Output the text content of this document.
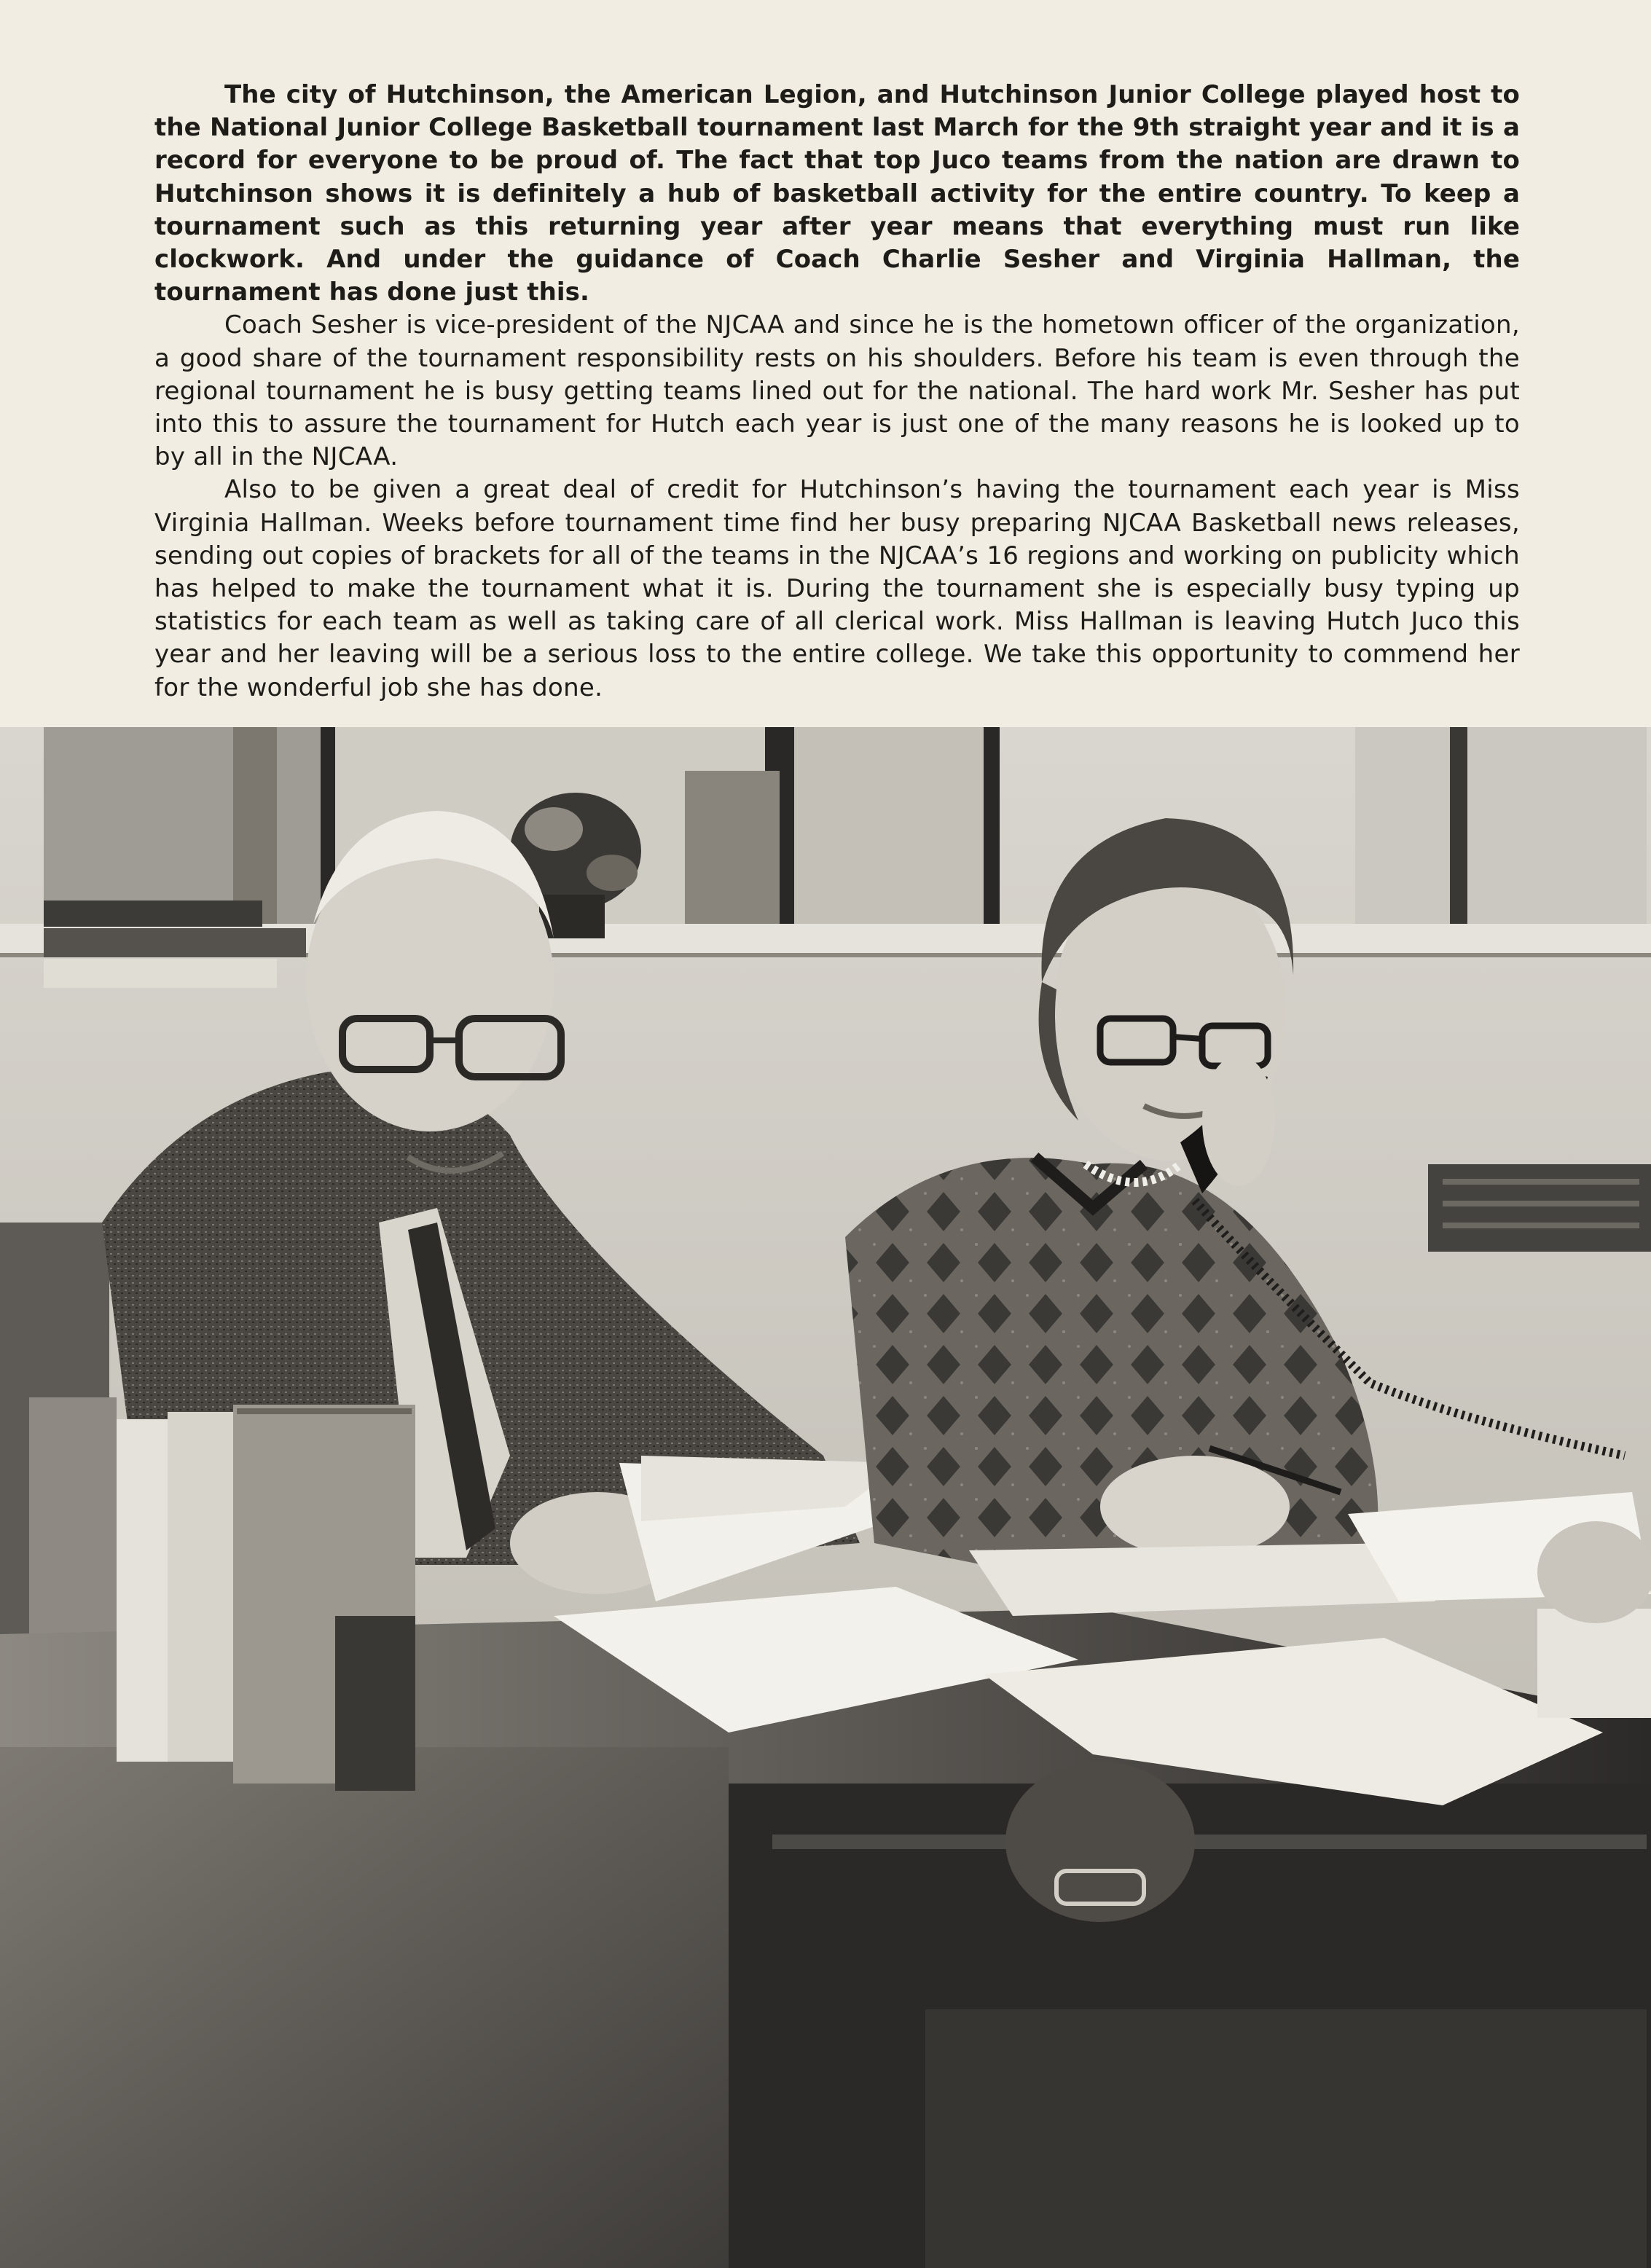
The city of Hutchinson, the American Legion, and Hutchinson Junior College played host to the National Junior College Basketball tournament last March for the 9th straight year and it is a record for everyone to be proud of. The fact that top Juco teams from the nation are drawn to Hutchinson shows it is definitely a hub of basketball activity for the entire country. To keep a tournament such as this returning year after year means that everything must run like clockwork. And under the guidance of Coach Charlie Sesher and Virginia Hallman, the tournament has done just this.

Coach Sesher is vice-president of the NJCAA and since he is the hometown officer of the organization, a good share of the tournament responsibility rests on his shoulders. Before his team is even through the regional tournament he is busy getting teams lined out for the national. The hard work Mr. Sesher has put into this to assure the tournament for Hutch each year is just one of the many reasons he is looked up to by all in the NJCAA.

Also to be given a great deal of credit for Hutchinson’s having the tournament each year is Miss Virginia Hallman. Weeks before tournament time find her busy preparing NJCAA Basketball news releases, sending out copies of brackets for all of the teams in the NJCAA’s 16 regions and working on publicity which has helped to make the tournament what it is. During the tournament she is especially busy typing up statistics for each team as well as taking care of all clerical work. Miss Hallman is leaving Hutch Juco this year and her leaving will be a serious loss to the entire college. We take this opportunity to commend her for the wonderful job she has done.
